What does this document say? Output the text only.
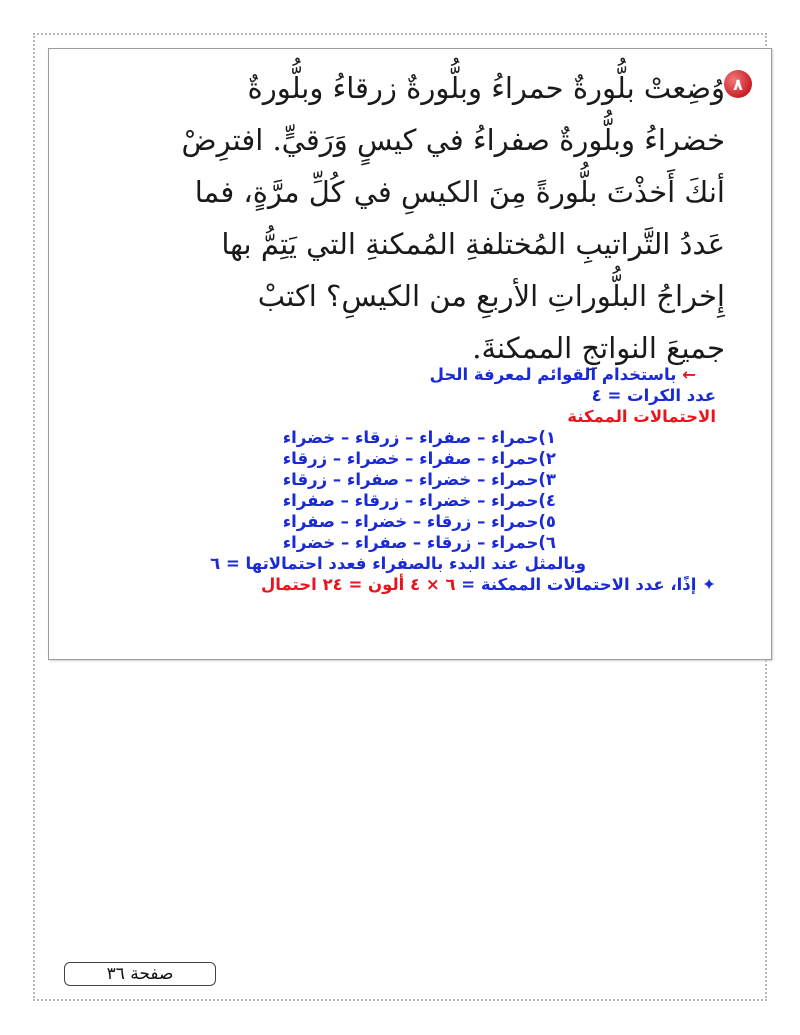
٨
وُضِعتْ بلُّورةٌ حمراءُ وبلُّورةٌ زرقاءُ وبلُّورةٌ
خضراءُ وبلُّورةٌ صفراءُ في كيسٍ وَرَقيٍّ. افترِضْ
أنكَ أَخذْتَ بلُّورةً مِنَ الكيسِ في كُلِّ مرَّةٍ، فما
عَددُ التَّراتيبِ المُختلفةِ المُمكنةِ التي يَتِمُّ بها
إِخراجُ البلُّوراتِ الأربعِ من الكيسِ؟ اكتبْ
جميعَ النواتجِ الممكنةَ.
← باستخدام القوائم لمعرفة الحل
عدد الكرات = ٤
الاحتمالات الممكنة
١)حمراء – صفراء – زرقاء – خضراء
٢)حمراء – صفراء – خضراء – زرقاء
٣)حمراء – خضراء – صفراء – زرقاء
٤)حمراء – خضراء – زرقاء – صفراء
٥)حمراء – زرقاء – خضراء – صفراء
٦)حمراء – زرقاء – صفراء – خضراء
وبالمثل عند البدء بالصفراء فعدد احتمالاتها = ٦
✦ إذًا، عدد الاحتمالات الممكنة = ٦ × ٤ ألون = ٢٤ احتمال
صفحة ٣٦
